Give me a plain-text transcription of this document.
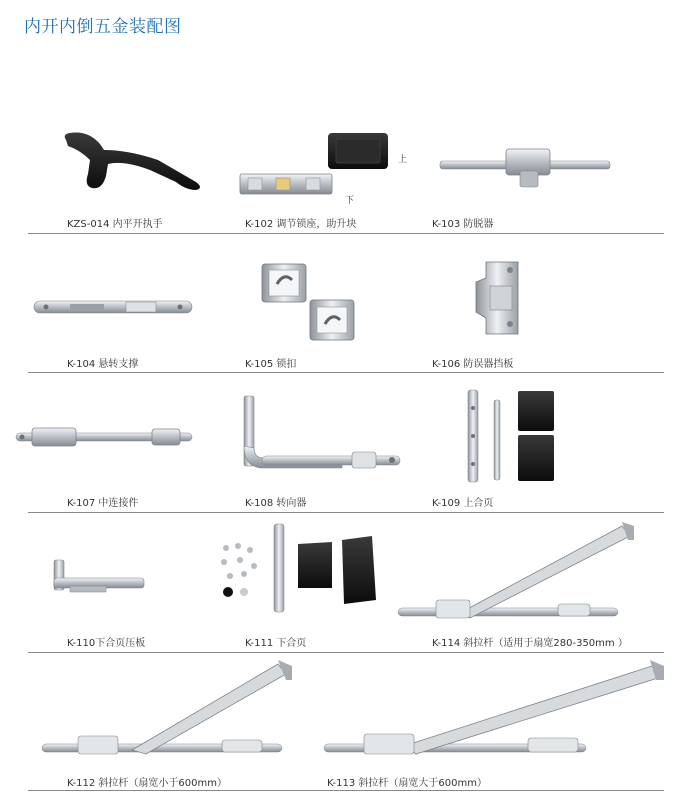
内开内倒五金装配图
KZS-014 内平开执手
上
下
K-102 调节锁座，助升块	K-103 防脱器
K-104 悬转支撑	K-105 锁扣	K-106 防误器挡板
K-107 中连接件	K-108 转向器	K-109 上合页
K-110下合页压板	K-111 下合页	K-114 斜拉杆（适用于扇宽280-350mm ）
K-112 斜拉杆（扇宽小于600mm）	K-113 斜拉杆（扇宽大于600mm）
